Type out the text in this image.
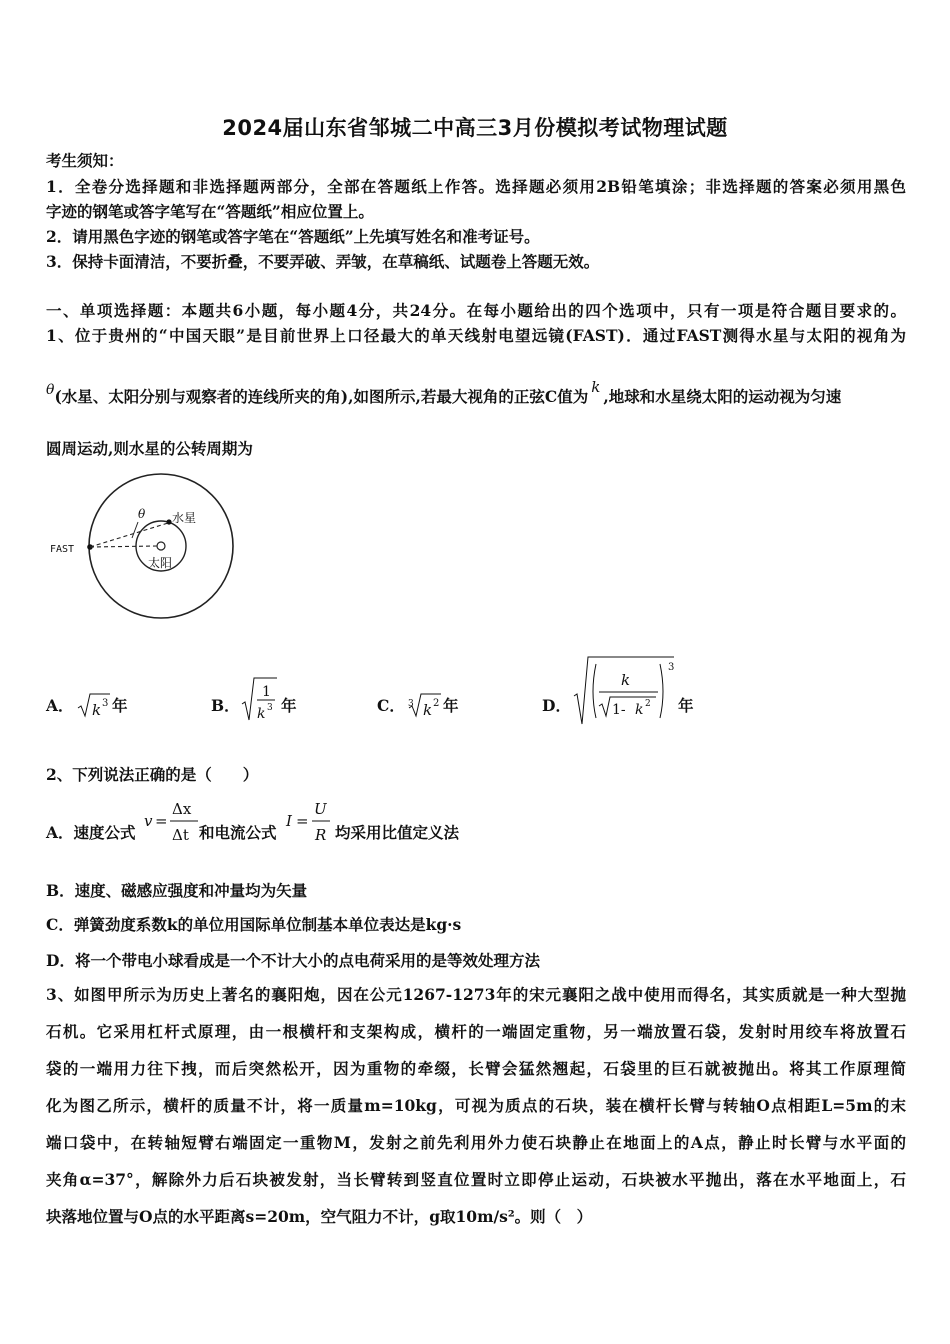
2024届山东省邹城二中高三3月份模拟考试物理试题
考生须知：
1．全卷分选择题和非选择题两部分，全部在答题纸上作答。选择题必须用2B铅笔填涂；非选择题的答案必须用黑色
字迹的钢笔或答字笔写在“答题纸”相应位置上。
2．请用黑色字迹的钢笔或答字笔在“答题纸”上先填写姓名和准考证号。
3．保持卡面清洁，不要折叠，不要弄破、弄皱，在草稿纸、试题卷上答题无效。
一、单项选择题：本题共6小题，每小题4分，共24分。在每小题给出的四个选项中，只有一项是符合题目要求的。
1、位于贵州的“中国天眼”是目前世界上口径最大的单天线射电望远镜(FAST)．通过FAST测得水星与太阳的视角为
θ(水星、太阳分别与观察者的连线所夹的角),如图所示,若最大视角的正弦C值为 k ,地球和水星绕太阳的运动视为匀速
圆周运动,则水星的公转周期为
FAST
θ 水星
太阳
A． k 3 年	B．
1
k 3 年	C． 3 k 2 年	D．
3
k
1- k 2 年
2、下列说法正确的是（　　）
A．速度公式
v =
Δx
Δt 和电流公式
I =
U
R 均采用比值定义法
B．速度、磁感应强度和冲量均为矢量
C．弹簧劲度系数k的单位用国际单位制基本单位表达是kg·s
D．将一个带电小球看成是一个不计大小的点电荷采用的是等效处理方法
3、如图甲所示为历史上著名的襄阳炮，因在公元1267-1273年的宋元襄阳之战中使用而得名，其实质就是一种大型抛
石机。它采用杠杆式原理，由一根横杆和支架构成，横杆的一端固定重物，另一端放置石袋，发射时用绞车将放置石
袋的一端用力往下拽，而后突然松开，因为重物的牵缀，长臂会猛然翘起，石袋里的巨石就被抛出。将其工作原理简
化为图乙所示，横杆的质量不计，将一质量m=10kg，可视为质点的石块，装在横杆长臂与转轴O点相距L=5m的末
端口袋中，在转轴短臂右端固定一重物M，发射之前先利用外力使石块静止在地面上的A点，静止时长臂与水平面的
夹角α=37°，解除外力后石块被发射，当长臂转到竖直位置时立即停止运动，石块被水平抛出，落在水平地面上，石
块落地位置与O点的水平距离s=20m，空气阻力不计，g取10m/s²。则（　）
